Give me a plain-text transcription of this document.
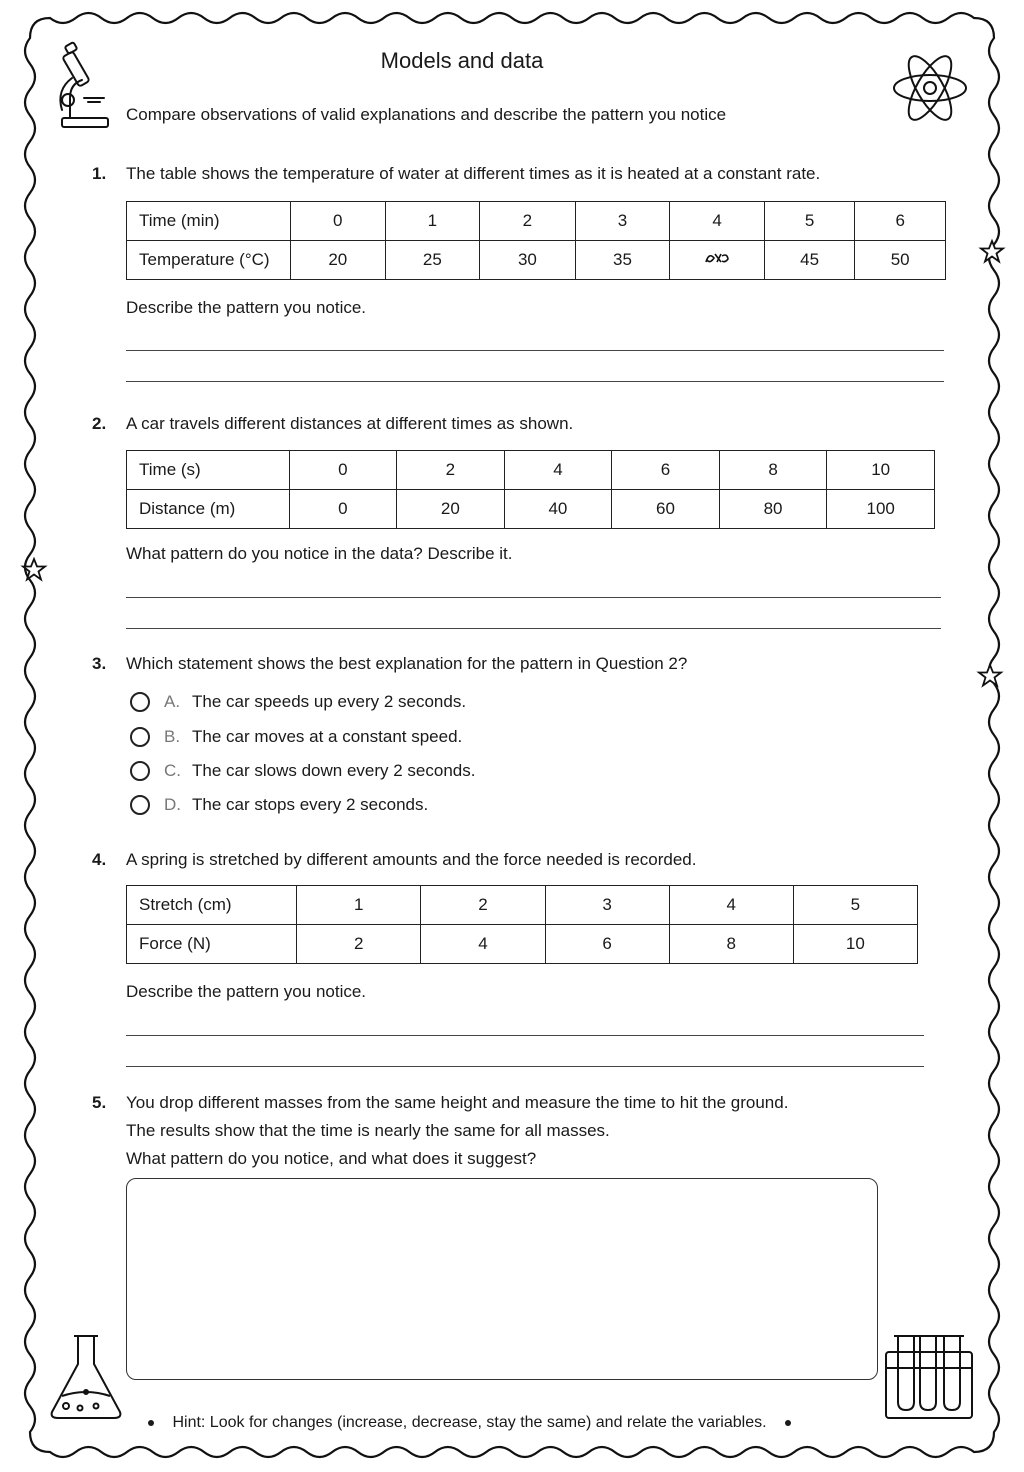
Models and data
Compare observations of valid explanations and describe the pattern you notice
1. The table shows the temperature of water at different times as it is heated at a constant rate.
Time (min)	0	1	2	3	4	5	6
Temperature (°C)	20	25	30	35		45	50
Describe the pattern you notice.
2. A car travels different distances at different times as shown.
Time (s)	0	2	4	6	8	10
Distance (m)	0	20	40	60	80	100
What pattern do you notice in the data? Describe it.
3. Which statement shows the best explanation for the pattern in Question 2?
A. The car speeds up every 2 seconds.
B. The car moves at a constant speed.
C. The car slows down every 2 seconds.
D. The car stops every 2 seconds.
4. A spring is stretched by different amounts and the force needed is recorded.
Stretch (cm)	1	2	3	4	5
Force (N)	2	4	6	8	10
Describe the pattern you notice.
5. You drop different masses from the same height and measure the time to hit the ground.
The results show that the time is nearly the same for all masses.
What pattern do you notice, and what does it suggest?
Hint: Look for changes (increase, decrease, stay the same) and relate the variables.
